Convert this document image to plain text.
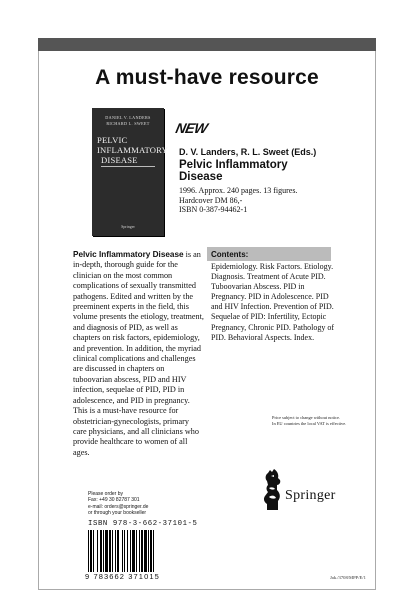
A must-have resource
DANIEL V. LANDERS
RICHARD L. SWEET
PELVIC
INFLAMMATORY
DISEASE
Springer
NEW
D. V. Landers, R. L. Sweet (Eds.)
Pelvic Inflammatory
Disease
1996. Approx. 240 pages. 13 figures.
Hardcover DM 86,-
ISBN 0-387-94462-1
Pelvic Inflammatory Disease is an in-depth, thorough guide for the clinician on the most common complications of sexually transmitted pathogens. Edited and written by the preeminent experts in the field, this volume presents the etiology, treatment, and diagnosis of PID, as well as chapters on risk factors, epidemiology, and prevention. In addition, the myriad clinical complications and challenges are discussed in chapters on tuboovarian abscess, PID and HIV infection, sequelae of PID, PID in adolescence, and PID in pregnancy. This is a must-have resource for obstetrician-gynecologists, primary care physicians, and all clinicians who provide healthcare to women of all ages.
Contents:
Epidemiology. Risk Factors. Etiology. Diagnosis. Treatment of Acute PID. Tuboovarian Abscess. PID in Pregnancy. PID in Adolescence. PID and HIV Infection. Prevention of PID. Sequelae of PID: Infertility, Ectopic Pregnancy, Chronic PID. Pathology of PID. Behavioral Aspects. Index.
Price subject to change without notice.
In EU countries the local VAT is effective.
Please order by
Fax: +49 30 82787 301
e-mail: orders@springer.de
or through your bookseller
ISBN 978-3-662-37101-5
9 783662 371015
Springer
Jak./3708/MPP/E/1
